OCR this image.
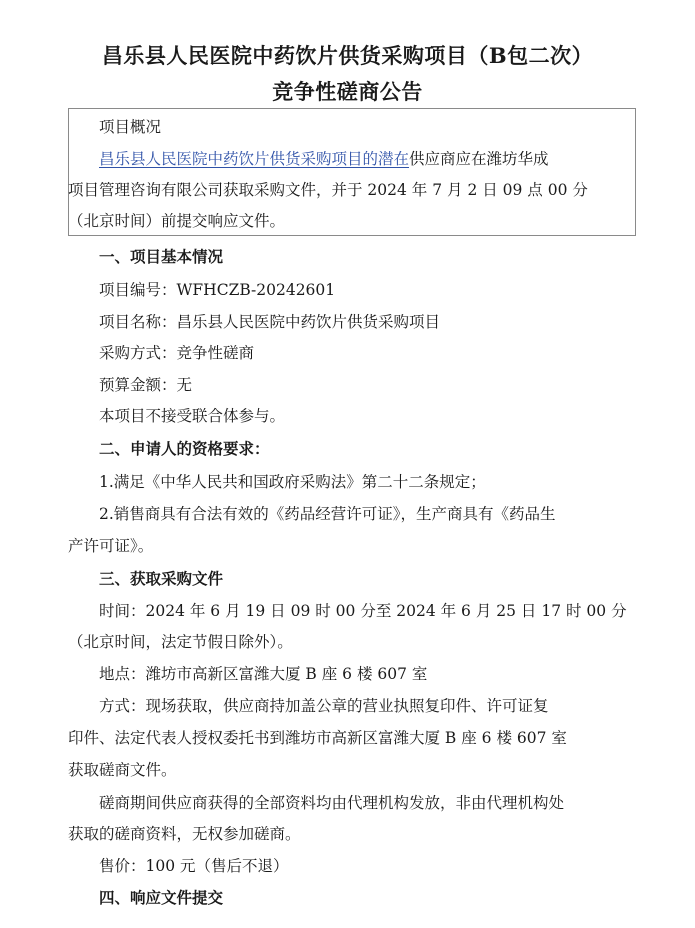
昌乐县人民医院中药饮片供货采购项目（B包二次）
竞争性磋商公告

项目概况

昌乐县人民医院中药饮片供货采购项目的潜在供应商应在潍坊华成

项目管理咨询有限公司获取采购文件，并于 2024 年 7 月 2 日 09 点 00 分

（北京时间）前提交响应文件。

一、项目基本情况

项目编号：WFHCZB-20242601

项目名称：昌乐县人民医院中药饮片供货采购项目

采购方式：竞争性磋商

预算金额：无

本项目不接受联合体参与。

二、申请人的资格要求：

1.满足《中华人民共和国政府采购法》第二十二条规定；

2.销售商具有合法有效的《药品经营许可证》，生产商具有《药品生

产许可证》。

三、获取采购文件

时间：2024 年 6 月 19 日 09 时 00 分至 2024 年 6 月 25 日 17 时 00 分

（北京时间，法定节假日除外）。

地点：潍坊市高新区富潍大厦 B 座 6 楼 607 室

方式：现场获取，供应商持加盖公章的营业执照复印件、许可证复

印件、法定代表人授权委托书到潍坊市高新区富潍大厦 B 座 6 楼 607 室

获取磋商文件。

磋商期间供应商获得的全部资料均由代理机构发放，非由代理机构处

获取的磋商资料，无权参加磋商。

售价：100 元（售后不退）

四、响应文件提交
